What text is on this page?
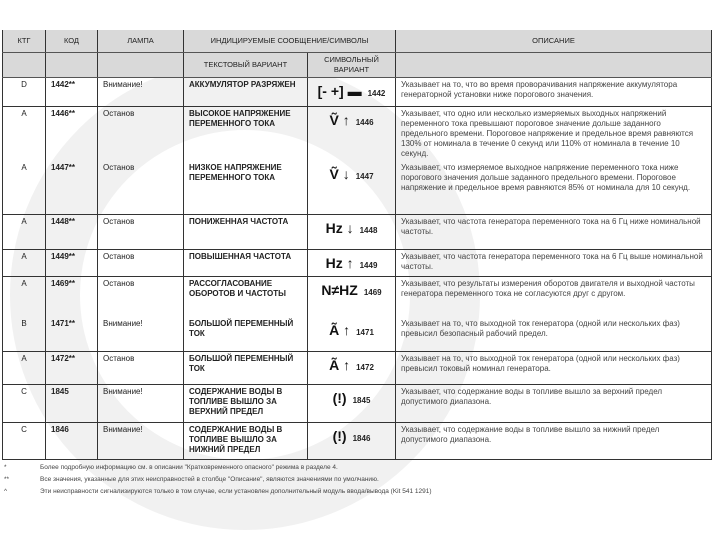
КТГ	КОД	ЛАМПА	ИНДИЦИРУЕМЫЕ СООБЩЕНИЕ/СИМВОЛЫ		ОПИСАНИЕ
			ТЕКСТОВЫЙ ВАРИАНТ	СИМВОЛЬНЫЙ ВАРИАНТ	
D	1442**	Внимание!	АККУМУЛЯТОР РАЗРЯЖЕН	[- +] ▬ 1442	Указывает на то, что во время проворачивания напряжение аккумулятора генераторной установки ниже порогового значения.
A	1446**	Останов	ВЫСОКОЕ НАПРЯЖЕНИЕ ПЕРЕМЕННОГО ТОКА	Ṽ ↑ 1446	Указывает, что одно или несколько измеряемых выходных напряжений переменного тока превышают пороговое значение дольше заданного предельного времени. Пороговое напряжение и предельное время равняются 130% от номинала в течение 0 секунд или 110% от номинала в течение 10 секунд.
A	1447**	Останов	НИЗКОЕ НАПРЯЖЕНИЕ ПЕРЕМЕННОГО ТОКА	Ṽ ↓ 1447	Указывает, что измеряемое выходное напряжение переменного тока ниже порогового значения дольше заданного предельного времени. Пороговое напряжение и предельное время равняются 85% от номинала для 10 секунд.
A	1448**	Останов	ПОНИЖЕННАЯ ЧАСТОТА	Hz ↓ 1448	Указывает, что частота генератора переменного тока на 6 Гц ниже номинальной частоты.
A	1449**	Останов	ПОВЫШЕННАЯ ЧАСТОТА	Hz ↑ 1449	Указывает, что частота генератора переменного тока на 6 Гц выше номинальной частоты.
A	1469**	Останов	РАССОГЛАСОВАНИЕ ОБОРОТОВ И ЧАСТОТЫ	N≠HZ 1469	Указывает, что результаты измерения оборотов двигателя и выходной частоты генератора переменного тока не согласуются друг с другом.
B	1471**	Внимание!	БОЛЬШОЙ ПЕРЕМЕННЫЙ ТОК	Ã ↑ 1471	Указывает на то, что выходной ток генератора (одной или нескольких фаз) превысил безопасный рабочий предел.
A	1472**	Останов	БОЛЬШОЙ ПЕРЕМЕННЫЙ ТОК	Ã ↑ 1472	Указывает на то, что выходной ток генератора (одной или нескольких фаз) превысил токовый номинал генератора.
C	1845	Внимание!	СОДЕРЖАНИЕ ВОДЫ В ТОПЛИВЕ ВЫШЛО ЗА ВЕРХНИЙ ПРЕДЕЛ	(!) 1845	Указывает, что содержание воды в топливе вышло за верхний предел допустимого диапазона.
C	1846	Внимание!	СОДЕРЖАНИЕ ВОДЫ В ТОПЛИВЕ ВЫШЛО ЗА НИЖНИЙ ПРЕДЕЛ	(!) 1846	Указывает, что содержание воды в топливе вышло за нижний предел допустимого диапазона.
*	Более подробную информацию см. в описании "Кратковременного опасного" режима в разделе 4.
**	Все значения, указанные для этих неисправностей в столбце "Описание", являются значениями по умолчанию.
^	Эти неисправности сигнализируются только в том случае, если установлен дополнительный модуль ввода/вывода (Kit 541 1291)
